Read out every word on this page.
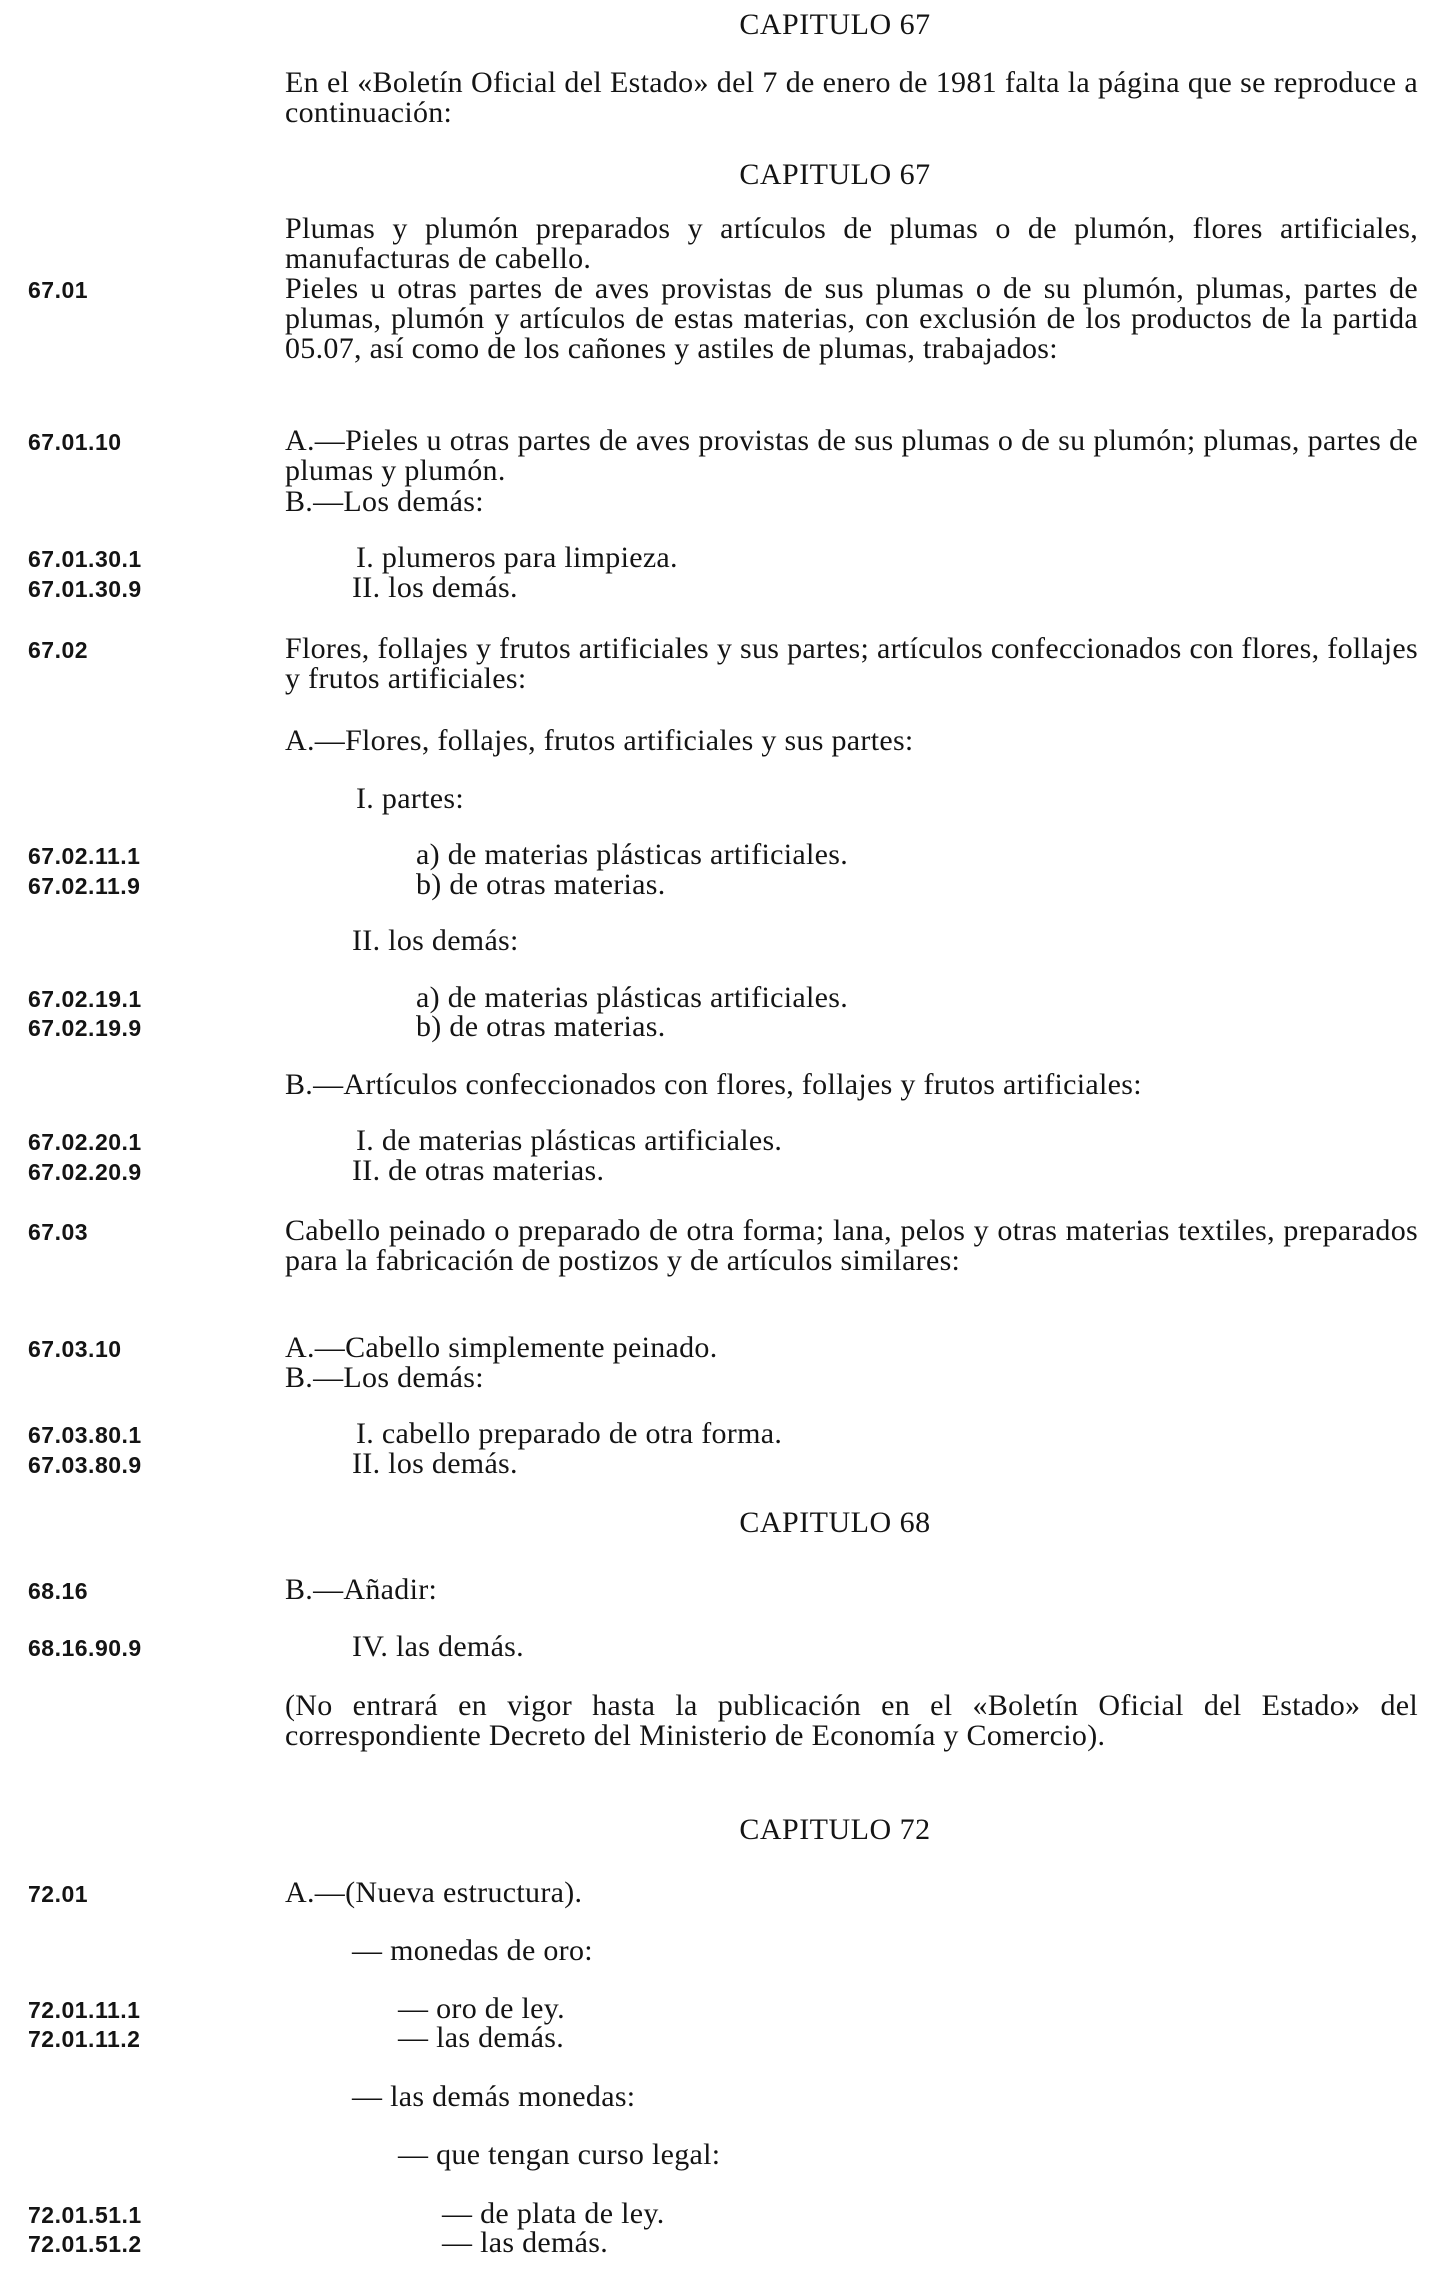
CAPITULO 67
En el «Boletín Oficial del Estado» del 7 de enero de 1981 falta la página que se reproduce a continuación:
CAPITULO 67
Plumas y plumón preparados y artículos de plumas o de plumón, flores artificiales, manufacturas de cabello.
67.01	Pieles u otras partes de aves provistas de sus plumas o de su plumón, plumas, partes de plumas, plumón y artículos de estas materias, con exclusión de los productos de la partida 05.07, así como de los cañones y astiles de plumas, trabajados:
67.01.10	A.—Pieles u otras partes de aves provistas de sus plumas o de su plumón; plumas, partes de plumas y plumón.
B.—Los demás:
67.01.30.1	I. plumeros para limpieza.
67.01.30.9	II. los demás.
67.02	Flores, follajes y frutos artificiales y sus partes; artículos confeccionados con flores, follajes y frutos artificiales:
A.—Flores, follajes, frutos artificiales y sus partes:
I. partes:
67.02.11.1	a) de materias plásticas artificiales.
67.02.11.9	b) de otras materias.
II. los demás:
67.02.19.1	a) de materias plásticas artificiales.
67.02.19.9	b) de otras materias.
B.—Artículos confeccionados con flores, follajes y frutos artificiales:
67.02.20.1	I. de materias plásticas artificiales.
67.02.20.9	II. de otras materias.
67.03	Cabello peinado o preparado de otra forma; lana, pelos y otras materias textiles, preparados para la fabricación de postizos y de artículos similares:
67.03.10	A.—Cabello simplemente peinado.
B.—Los demás:
67.03.80.1	I. cabello preparado de otra forma.
67.03.80.9	II. los demás.
CAPITULO 68
68.16	B.—Añadir:
68.16.90.9	IV. las demás.
(No entrará en vigor hasta la publicación en el «Boletín Oficial del Estado» del correspondiente Decreto del Ministerio de Economía y Comercio).
CAPITULO 72
72.01	A.—(Nueva estructura).
— monedas de oro:
72.01.11.1	— oro de ley.
72.01.11.2	— las demás.
— las demás monedas:
— que tengan curso legal:
72.01.51.1	— de plata de ley.
72.01.51.2	— las demás.
